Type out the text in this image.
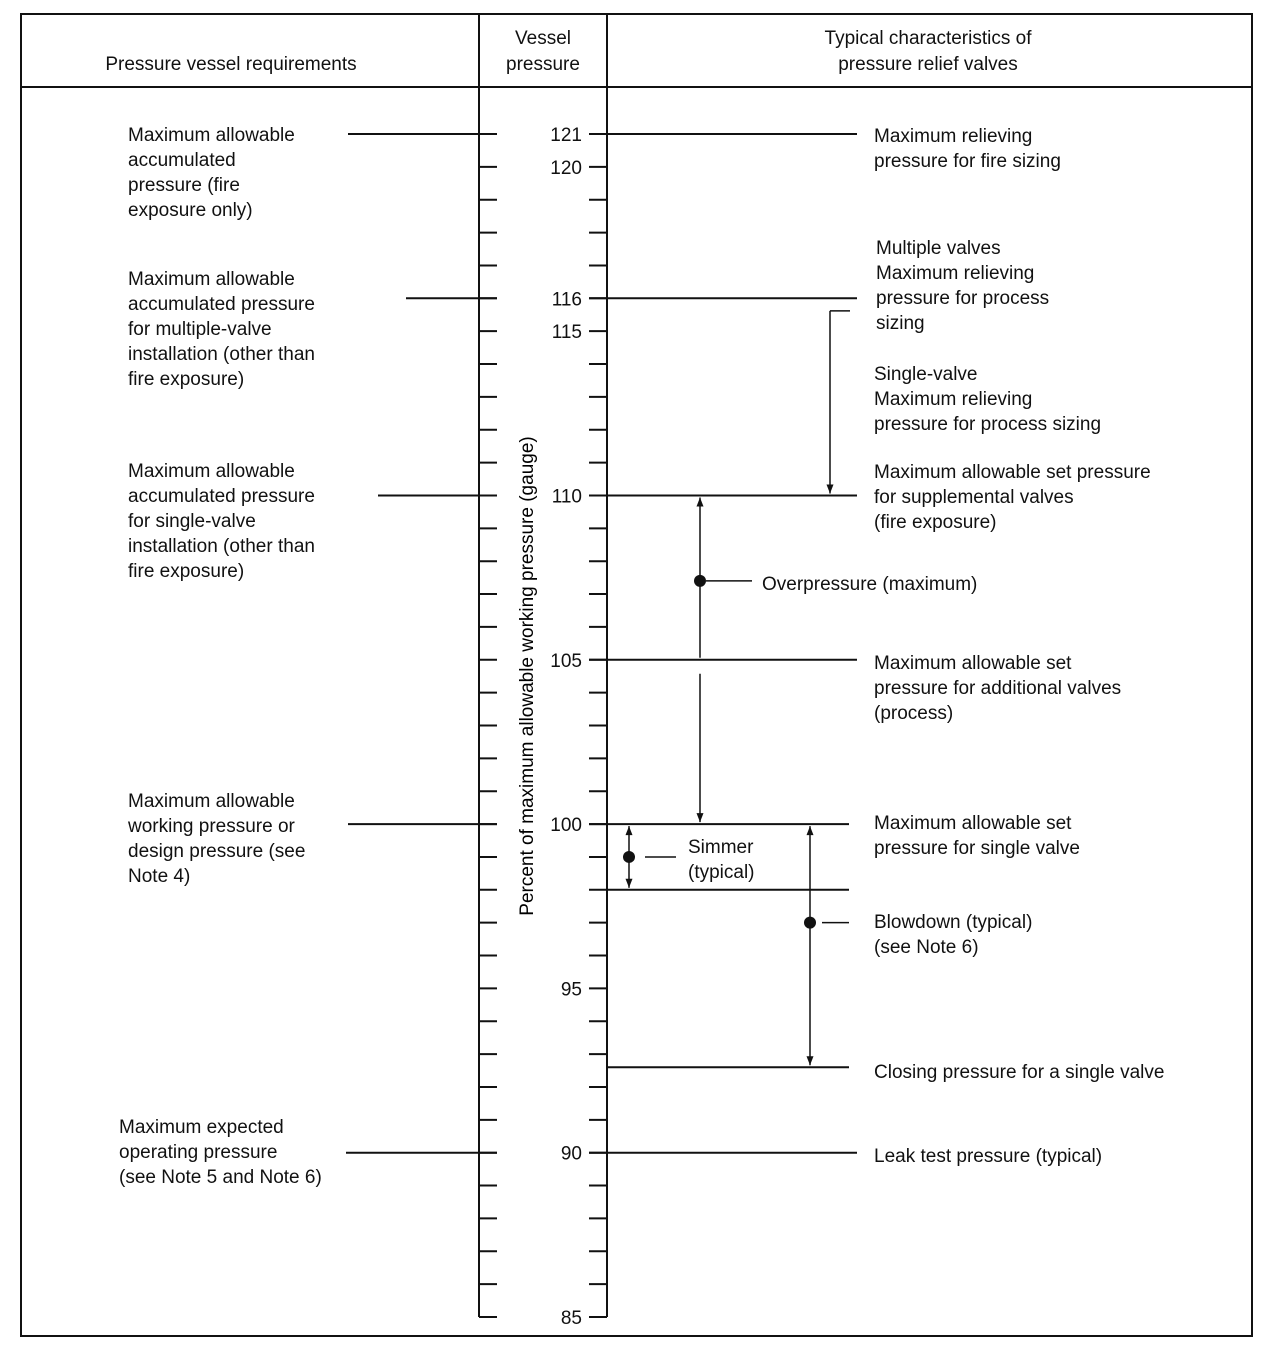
Pressure vessel requirements
Vessel
pressure
Typical characteristics of
pressure relief valves
Percent of maximum allowable working pressure (gauge)
121
120
116
115
110
105
100
95
90
85
Maximum allowable
accumulated
pressure (fire
exposure only)
Maximum allowable
accumulated pressure
for multiple-valve
installation (other than
fire exposure)
Maximum allowable
accumulated pressure
for single-valve
installation (other than
fire exposure)
Maximum allowable
working pressure or
design pressure (see
Note 4)
Maximum expected
operating pressure
(see Note 5 and Note 6)
Maximum relieving
pressure for fire sizing
Multiple valves
Maximum relieving
pressure for process
sizing
Single-valve
Maximum relieving
pressure for process sizing
Maximum allowable set pressure
for supplemental valves
(fire exposure)
Overpressure (maximum)
Maximum allowable set
pressure for additional valves
(process)
Maximum allowable set
pressure for single valve
Simmer
(typical)
Blowdown (typical)
(see Note 6)
Closing pressure for a single valve
Leak test pressure (typical)
